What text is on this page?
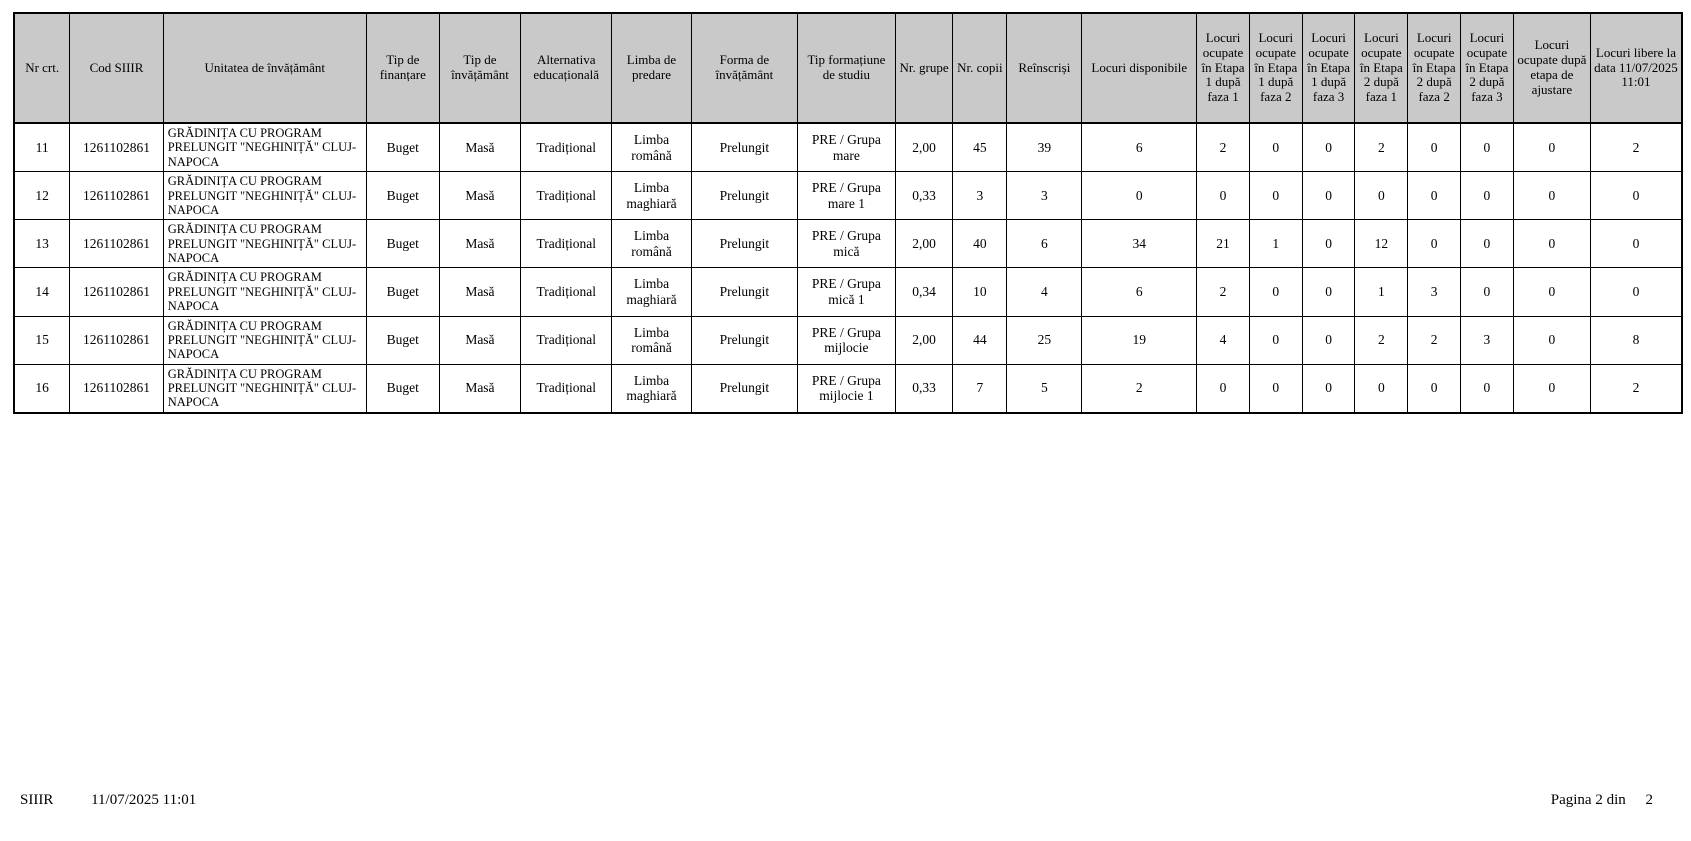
Nr crt.	Cod SIIIR	Unitatea de învățământ	Tip de finanțare	Tip de învățământ	Alternativa educațională	Limba de predare	Forma de învățământ	Tip formațiune de studiu	Nr. grupe	Nr. copii	Reînscriși	Locuri disponibile	Locuri ocupate în Etapa 1 după faza 1	Locuri ocupate în Etapa 1 după faza 2	Locuri ocupate în Etapa 1 după faza 3	Locuri ocupate în Etapa 2 după faza 1	Locuri ocupate în Etapa 2 după faza 2	Locuri ocupate în Etapa 2 după faza 3	Locuri ocupate după etapa de ajustare	Locuri libere la data 11/07/2025 11:01
11	1261102861	GRĂDINIȚA CU PROGRAM PRELUNGIT "NEGHINIȚĂ" CLUJ-NAPOCA	Buget	Masă	Tradițional	Limba română	Prelungit	PRE / Grupa mare	2,00	45	39	6	2	0	0	2	0	0	0	2
12	1261102861	GRĂDINIȚA CU PROGRAM PRELUNGIT "NEGHINIȚĂ" CLUJ-NAPOCA	Buget	Masă	Tradițional	Limba maghiară	Prelungit	PRE / Grupa mare 1	0,33	3	3	0	0	0	0	0	0	0	0	0
13	1261102861	GRĂDINIȚA CU PROGRAM PRELUNGIT "NEGHINIȚĂ" CLUJ-NAPOCA	Buget	Masă	Tradițional	Limba română	Prelungit	PRE / Grupa mică	2,00	40	6	34	21	1	0	12	0	0	0	0
14	1261102861	GRĂDINIȚA CU PROGRAM PRELUNGIT "NEGHINIȚĂ" CLUJ-NAPOCA	Buget	Masă	Tradițional	Limba maghiară	Prelungit	PRE / Grupa mică 1	0,34	10	4	6	2	0	0	1	3	0	0	0
15	1261102861	GRĂDINIȚA CU PROGRAM PRELUNGIT "NEGHINIȚĂ" CLUJ-NAPOCA	Buget	Masă	Tradițional	Limba română	Prelungit	PRE / Grupa mijlocie	2,00	44	25	19	4	0	0	2	2	3	0	8
16	1261102861	GRĂDINIȚA CU PROGRAM PRELUNGIT "NEGHINIȚĂ" CLUJ-NAPOCA	Buget	Masă	Tradițional	Limba maghiară	Prelungit	PRE / Grupa mijlocie 1	0,33	7	5	2	0	0	0	0	0	0	0	2
SIIIR	11/07/2025 11:01	Pagina 2 din 2
